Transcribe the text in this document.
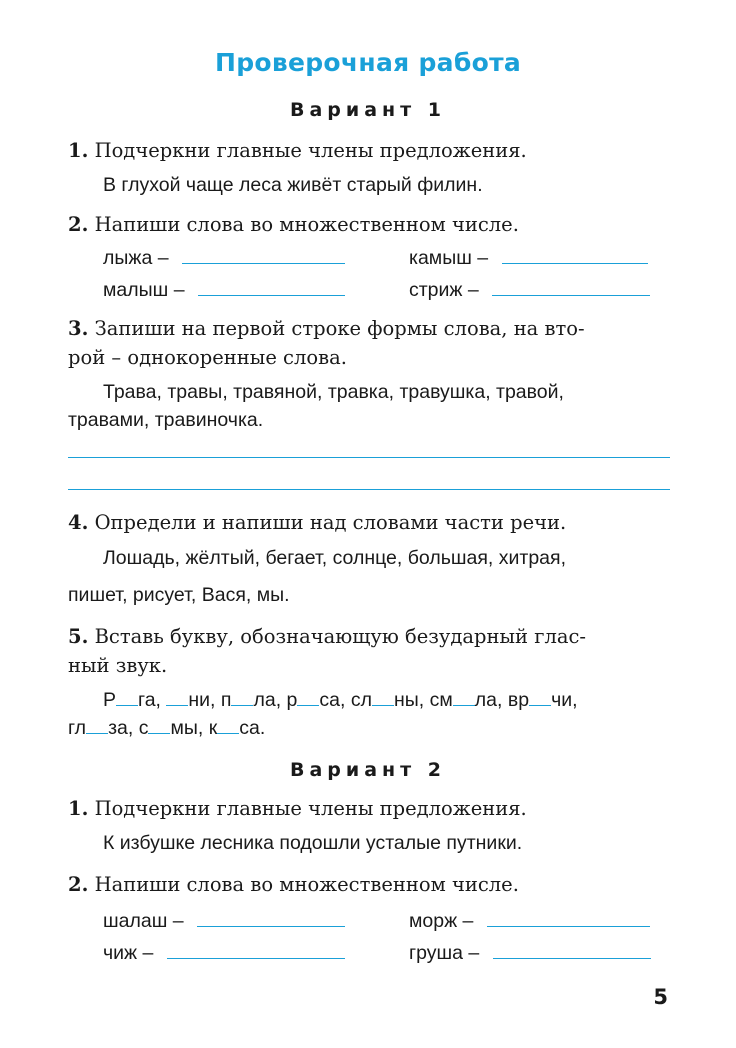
Проверочная работа
Вариант 1
1. Подчеркни главные члены предложения.
В глухой чаще леса живёт старый филин.
2. Напиши слова во множественном числе.
лыжа –	камыш –
малыш –	стриж –
3. Запиши на первой строке формы слова, на вто-
рой – однокоренные слова.
Трава, травы, травяной, травка, травушка, травой,
травами, травиночка.
4. Определи и напиши над словами части речи.
Лошадь, жёлтый, бегает, солнце, большая, хитрая,
пишет, рисует, Вася, мы.
5. Вставь букву, обозначающую безударный глас-
ный звук.
Р га, ни, п ла, р са, сл ны, см ла, вр чи,
гл за, с мы, к са.
Вариант 2
1. Подчеркни главные члены предложения.
К избушке лесника подошли усталые путники.
2. Напиши слова во множественном числе.
шалаш –	морж –
чиж –	груша –
5
